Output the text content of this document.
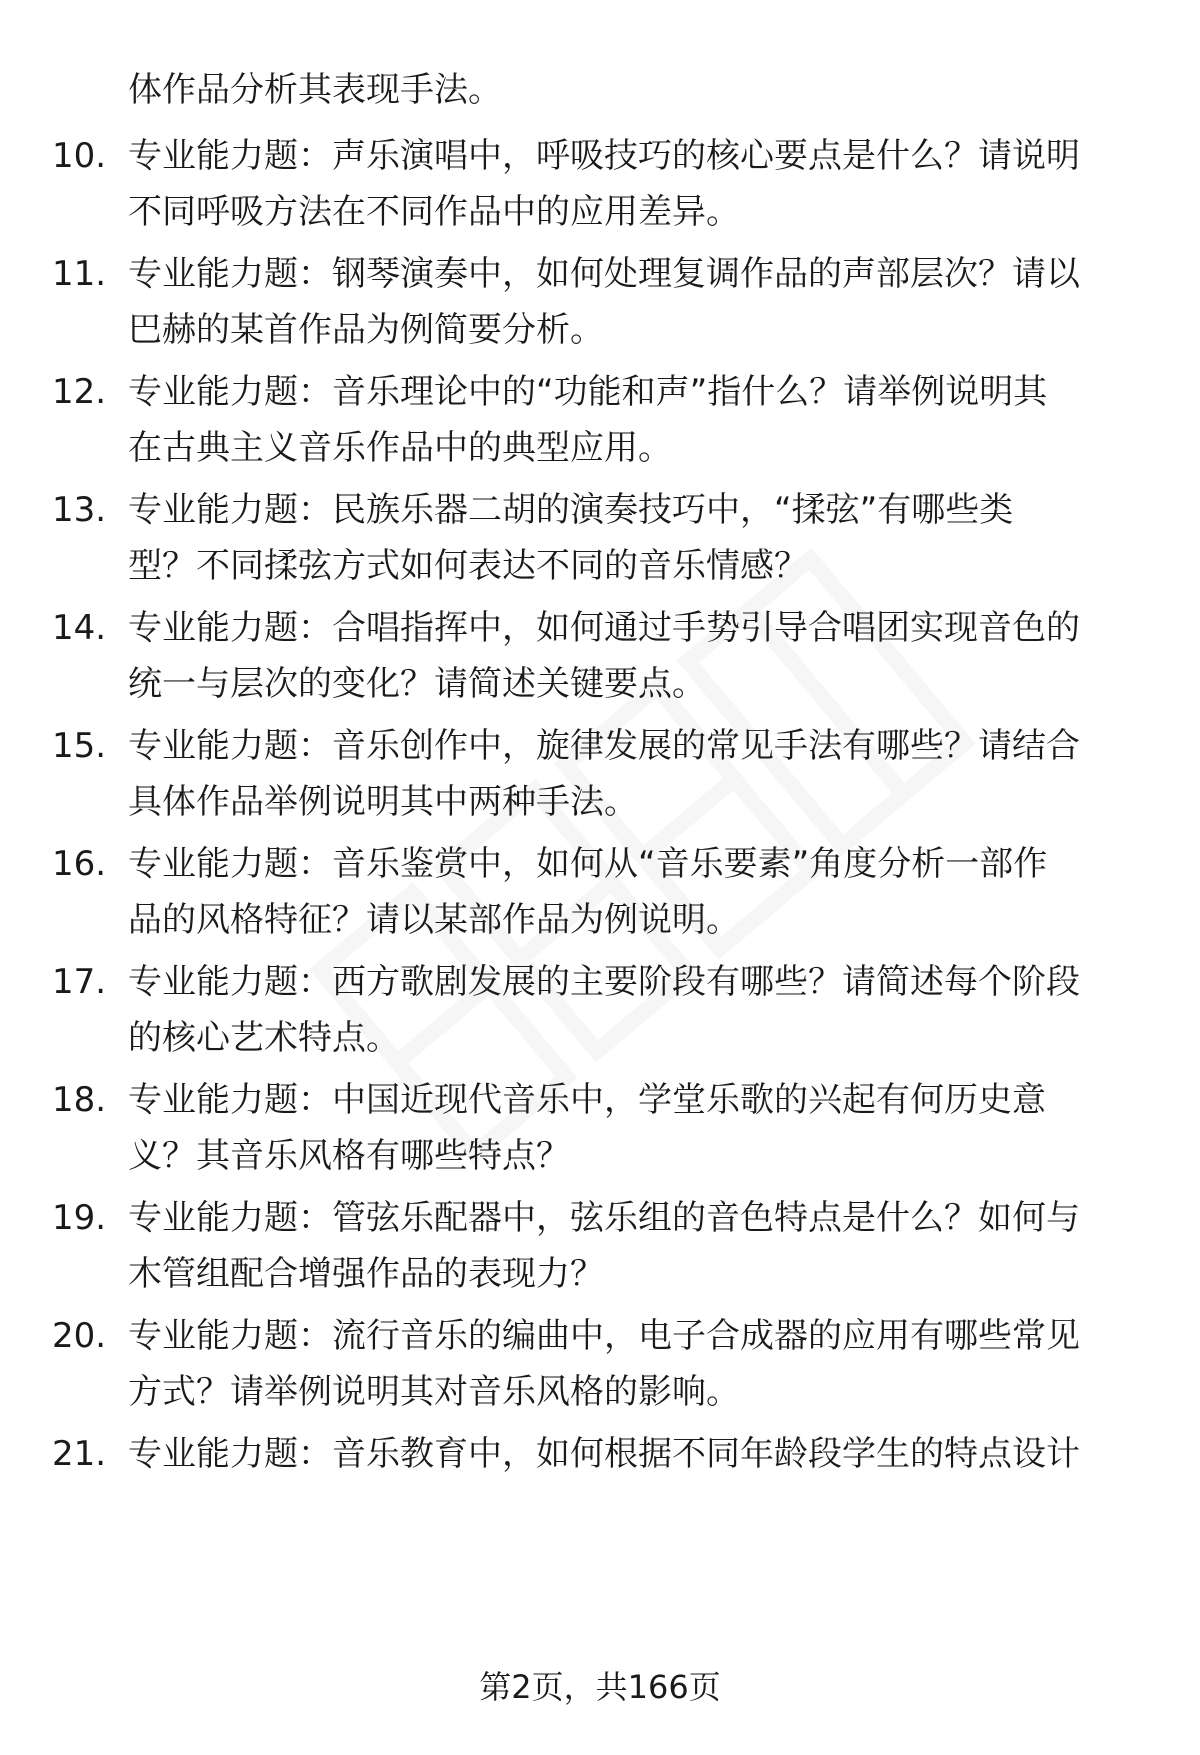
体作品分析其表现手法。
10. 专业能力题：声乐演唱中，呼吸技巧的核心要点是什么？请说明
不同呼吸方法在不同作品中的应用差异。
11. 专业能力题：钢琴演奏中，如何处理复调作品的声部层次？请以
巴赫的某首作品为例简要分析。
12. 专业能力题：音乐理论中的“功能和声”指什么？请举例说明其
在古典主义音乐作品中的典型应用。
13. 专业能力题：民族乐器二胡的演奏技巧中，“揉弦”有哪些类
型？不同揉弦方式如何表达不同的音乐情感？
14. 专业能力题：合唱指挥中，如何通过手势引导合唱团实现音色的
统一与层次的变化？请简述关键要点。
15. 专业能力题：音乐创作中，旋律发展的常见手法有哪些？请结合
具体作品举例说明其中两种手法。
16. 专业能力题：音乐鉴赏中，如何从“音乐要素”角度分析一部作
品的风格特征？请以某部作品为例说明。
17. 专业能力题：西方歌剧发展的主要阶段有哪些？请简述每个阶段
的核心艺术特点。
18. 专业能力题：中国近现代音乐中，学堂乐歌的兴起有何历史意
义？其音乐风格有哪些特点？
19. 专业能力题：管弦乐配器中，弦乐组的音色特点是什么？如何与
木管组配合增强作品的表现力？
20. 专业能力题：流行音乐的编曲中，电子合成器的应用有哪些常见
方式？请举例说明其对音乐风格的影响。
21. 专业能力题：音乐教育中，如何根据不同年龄段学生的特点设计
第2页，共166页
